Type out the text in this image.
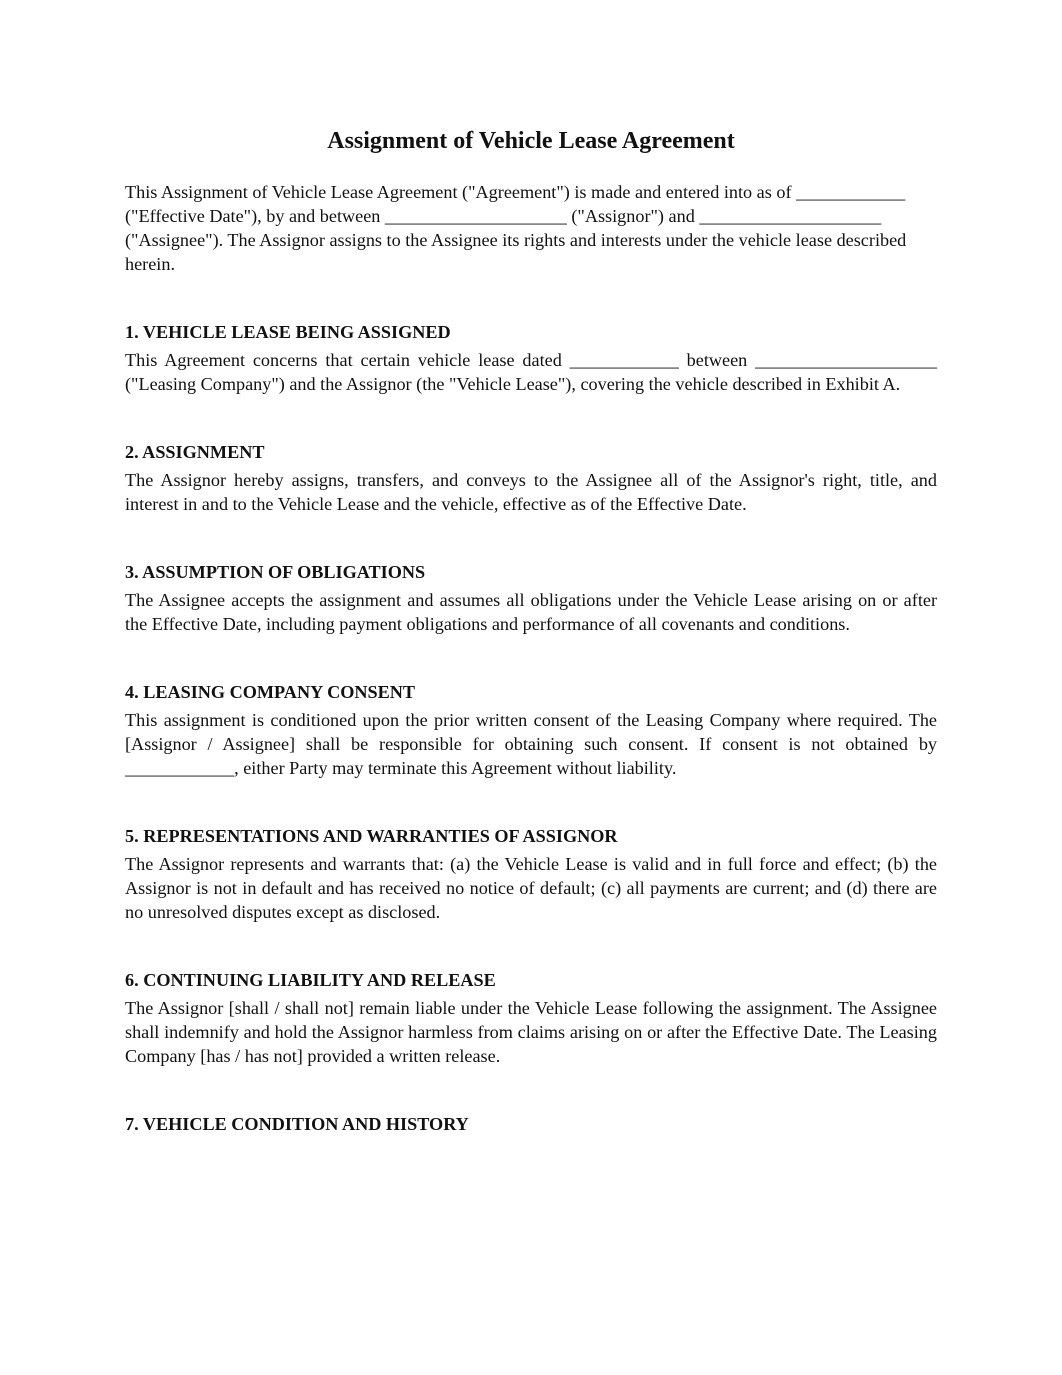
Assignment of Vehicle Lease Agreement

This Assignment of Vehicle Lease Agreement ("Agreement") is made and entered into as of ____________ ("Effective Date"), by and between ____________________ ("Assignor") and ____________________ ("Assignee"). The Assignor assigns to the Assignee its rights and interests under the vehicle lease described herein.

1. VEHICLE LEASE BEING ASSIGNED

This Agreement concerns that certain vehicle lease dated ____________ between ____________________ ("Leasing Company") and the Assignor (the "Vehicle Lease"), covering the vehicle described in Exhibit A.

2. ASSIGNMENT

The Assignor hereby assigns, transfers, and conveys to the Assignee all of the Assignor's right, title, and interest in and to the Vehicle Lease and the vehicle, effective as of the Effective Date.

3. ASSUMPTION OF OBLIGATIONS

The Assignee accepts the assignment and assumes all obligations under the Vehicle Lease arising on or after the Effective Date, including payment obligations and performance of all covenants and conditions.

4. LEASING COMPANY CONSENT

This assignment is conditioned upon the prior written consent of the Leasing Company where required. The [Assignor / Assignee] shall be responsible for obtaining such consent. If consent is not obtained by ____________, either Party may terminate this Agreement without liability.

5. REPRESENTATIONS AND WARRANTIES OF ASSIGNOR

The Assignor represents and warrants that: (a) the Vehicle Lease is valid and in full force and effect; (b) the Assignor is not in default and has received no notice of default; (c) all payments are current; and (d) there are no unresolved disputes except as disclosed.

6. CONTINUING LIABILITY AND RELEASE

The Assignor [shall / shall not] remain liable under the Vehicle Lease following the assignment. The Assignee shall indemnify and hold the Assignor harmless from claims arising on or after the Effective Date. The Leasing Company [has / has not] provided a written release.

7. VEHICLE CONDITION AND HISTORY
